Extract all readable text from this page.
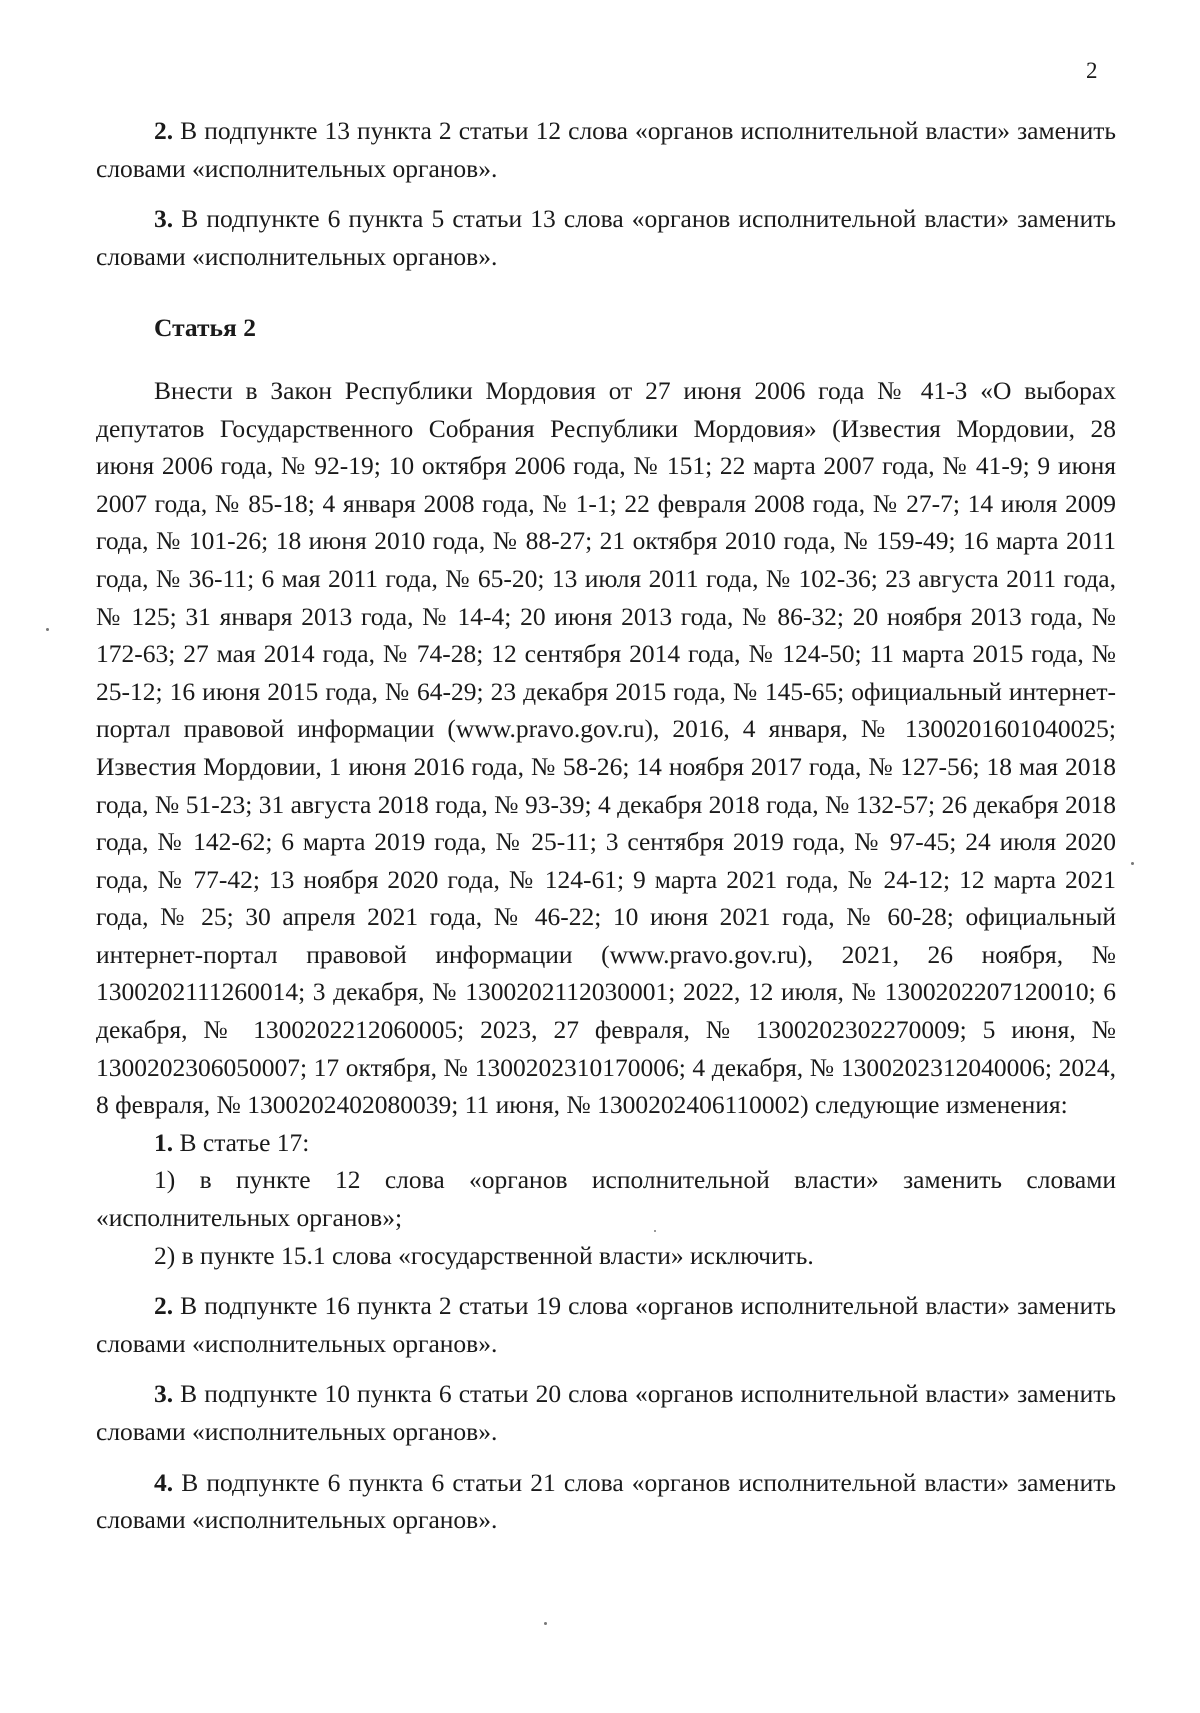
2

2. В подпункте 13 пункта 2 статьи 12 слова «органов исполнительной власти» заменить словами «исполнительных органов».

3. В подпункте 6 пункта 5 статьи 13 слова «органов исполнительной власти» заменить словами «исполнительных органов».

Статья 2

Внести в Закон Республики Мордовия от 27 июня 2006 года № 41-З «О выборах депутатов Государственного Собрания Республики Мордовия» (Известия Мордовии, 28 июня 2006 года, № 92-19; 10 октября 2006 года, № 151; 22 марта 2007 года, № 41-9; 9 июня 2007 года, № 85-18; 4 января 2008 года, № 1-1; 22 февраля 2008 года, № 27-7; 14 июля 2009 года, № 101-26; 18 июня 2010 года, № 88-27; 21 октября 2010 года, № 159-49; 16 марта 2011 года, № 36-11; 6 мая 2011 года, № 65-20; 13 июля 2011 года, № 102-36; 23 августа 2011 года, № 125; 31 января 2013 года, № 14-4; 20 июня 2013 года, № 86-32; 20 ноября 2013 года, № 172-63; 27 мая 2014 года, № 74-28; 12 сентября 2014 года, № 124-50; 11 марта 2015 года, № 25-12; 16 июня 2015 года, № 64-29; 23 декабря 2015 года, № 145-65; официальный интернет-портал правовой информации (www.pravo.gov.ru), 2016, 4 января, № 1300201601040025; Известия Мордовии, 1 июня 2016 года, № 58-26; 14 ноября 2017 года, № 127-56; 18 мая 2018 года, № 51-23; 31 августа 2018 года, № 93-39; 4 декабря 2018 года, № 132-57; 26 декабря 2018 года, № 142-62; 6 марта 2019 года, № 25-11; 3 сентября 2019 года, № 97-45; 24 июля 2020 года, № 77-42; 13 ноября 2020 года, № 124-61; 9 марта 2021 года, № 24-12; 12 марта 2021 года, № 25; 30 апреля 2021 года, № 46-22; 10 июня 2021 года, № 60-28; официальный интернет-портал правовой информации (www.pravo.gov.ru), 2021, 26 ноября, № 1300202111260014; 3 декабря, № 1300202112030001; 2022, 12 июля, № 1300202207120010; 6 декабря, № 1300202212060005; 2023, 27 февраля, № 1300202302270009; 5 июня, № 1300202306050007; 17 октября, № 1300202310170006; 4 декабря, № 1300202312040006; 2024, 8 февраля, № 1300202402080039; 11 июня, № 1300202406110002) следующие изменения:

1. В статье 17:

1) в пункте 12 слова «органов исполнительной власти» заменить словами «исполнительных органов»;

2) в пункте 15.1 слова «государственной власти» исключить.

2. В подпункте 16 пункта 2 статьи 19 слова «органов исполнительной власти» заменить словами «исполнительных органов».

3. В подпункте 10 пункта 6 статьи 20 слова «органов исполнительной власти» заменить словами «исполнительных органов».

4. В подпункте 6 пункта 6 статьи 21 слова «органов исполнительной власти» заменить словами «исполнительных органов».
